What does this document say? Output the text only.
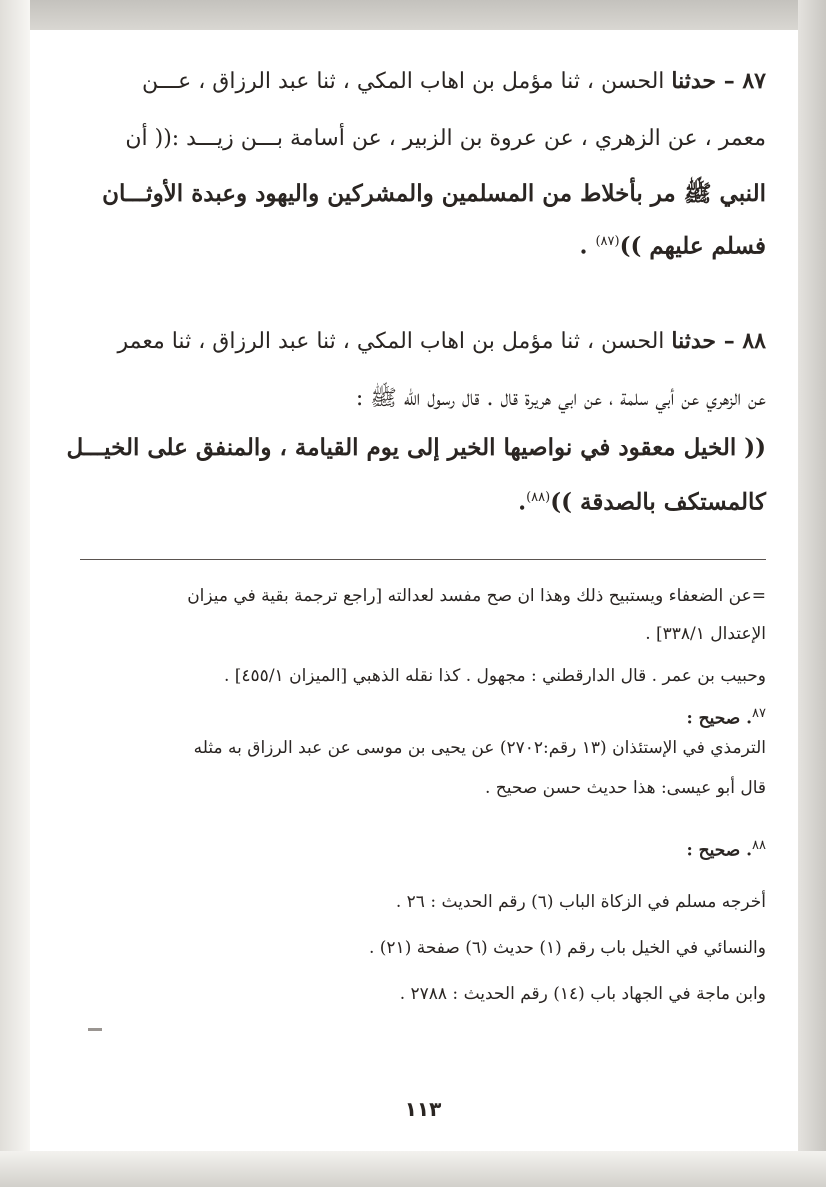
٨٧ – حدثنا الحسن ، ثنا مؤمل بن اهاب المكي ، ثنا عبد الرزاق ، عـــن
معمر ، عن الزهري ، عن عروة بن الزبير ، عن أسامة بـــن زيـــد :(( أن
النبي ﷺ مر بأخلاط من المسلمين والمشركين واليهود وعبدة الأوثـــان
فسلم عليهم ))$^{(٨٧)}$ .
٨٨ – حدثنا الحسن ، ثنا مؤمل بن اهاب المكي ، ثنا عبد الرزاق ، ثنا معمر
عن الزهري عن أبي سلمة ، عن ابي هريرة قال . قال رسول الله ﷺ :
(( الخيل معقود في نواصيها الخير إلى يوم القيامة ، والمنفق على الخيـــل
كالمستكف بالصدقة ))$^{(٨٨)}$.
=عن الضعفاء ويستبيح ذلك وهذا ان صح مفسد لعدالته [راجع ترجمة بقية في ميزان
الإعتدال ٣٣٨/١] .
وحبيب بن عمر . قال الدارقطني : مجهول . كذا نقله الذهبي [الميزان ٤٥٥/١] .
$^{٨٧}$. صحيح :
الترمذي في الإستئذان (١٣ رقم:٢٧٠٢) عن يحيى بن موسى عن عبد الرزاق به مثله
قال أبو عيسى: هذا حديث حسن صحيح .
$^{٨٨}$. صحيح :
أخرجه مسلم في الزكاة الباب (٦) رقم الحديث : ٢٦ .
والنسائي في الخيل باب رقم (١) حديث (٦) صفحة (٢١) .
وابن ماجة في الجهاد باب (١٤) رقم الحديث : ٢٧٨٨ .
١١٣
